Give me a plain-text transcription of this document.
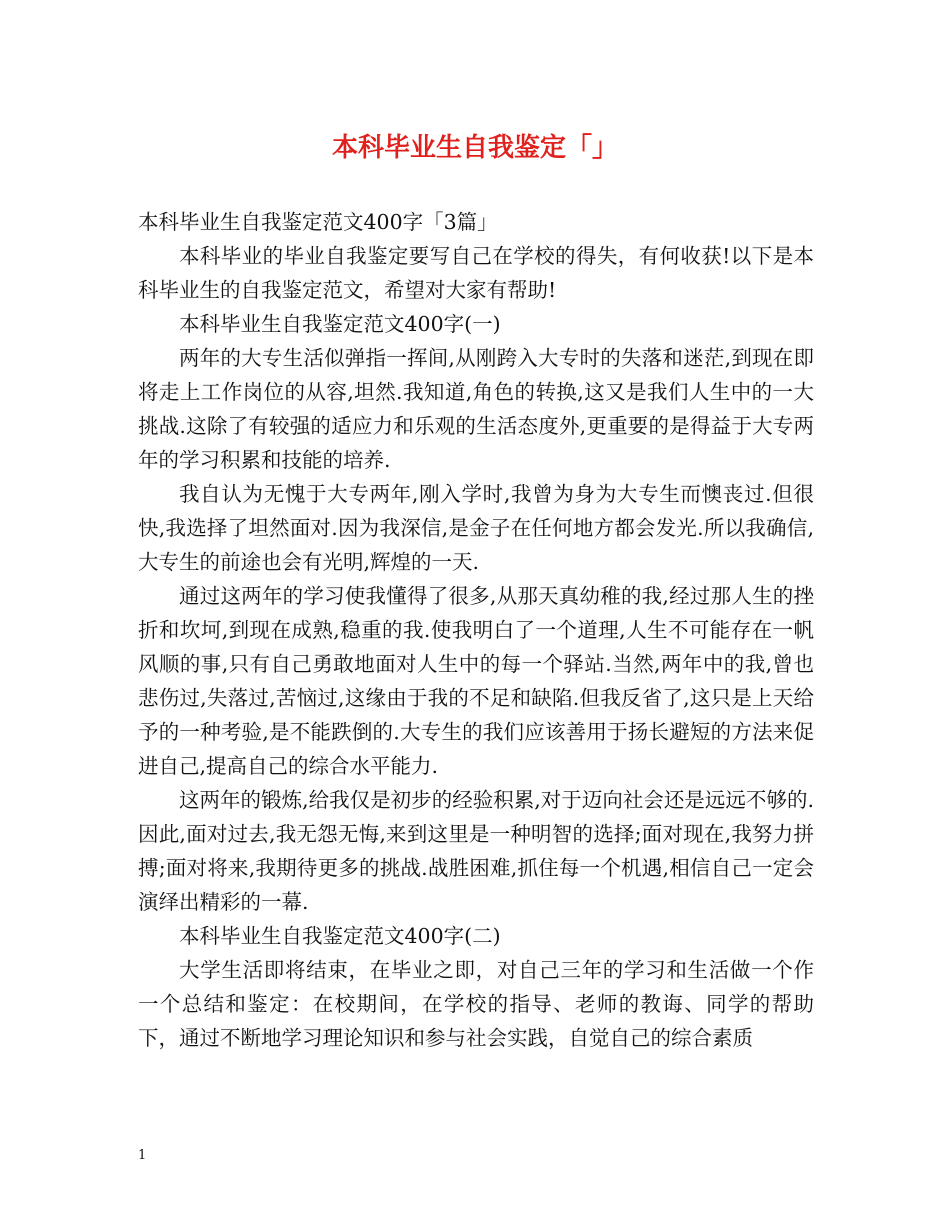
本科毕业生自我鉴定「」

本科毕业生自我鉴定范文400字「3篇」

本科毕业的毕业自我鉴定要写自己在学校的得失，有何收获!以下是本科毕业生的自我鉴定范文，希望对大家有帮助!

本科毕业生自我鉴定范文400字(一)

两年的大专生活似弹指一挥间,从刚跨入大专时的失落和迷茫,到现在即将走上工作岗位的从容,坦然.我知道,角色的转换,这又是我们人生中的一大挑战.这除了有较强的适应力和乐观的生活态度外,更重要的是得益于大专两年的学习积累和技能的培养.

我自认为无愧于大专两年,刚入学时,我曾为身为大专生而懊丧过.但很快,我选择了坦然面对.因为我深信,是金子在任何地方都会发光.所以我确信,大专生的前途也会有光明,辉煌的一天.

通过这两年的学习使我懂得了很多,从那天真幼稚的我,经过那人生的挫折和坎坷,到现在成熟,稳重的我.使我明白了一个道理,人生不可能存在一帆风顺的事,只有自己勇敢地面对人生中的每一个驿站.当然,两年中的我,曾也悲伤过,失落过,苦恼过,这缘由于我的不足和缺陷.但我反省了,这只是上天给予的一种考验,是不能跌倒的.大专生的我们应该善用于扬长避短的方法来促进自己,提高自己的综合水平能力.

这两年的锻炼,给我仅是初步的经验积累,对于迈向社会还是远远不够的.因此,面对过去,我无怨无悔,来到这里是一种明智的选择;面对现在,我努力拼搏;面对将来,我期待更多的挑战.战胜困难,抓住每一个机遇,相信自己一定会演绎出精彩的一幕.

本科毕业生自我鉴定范文400字(二)

大学生活即将结束，在毕业之即，对自己三年的学习和生活做一个作一个总结和鉴定：在校期间，在学校的指导、老师的教诲、同学的帮助下，通过不断地学习理论知识和参与社会实践，自觉自己的综合素质

1
